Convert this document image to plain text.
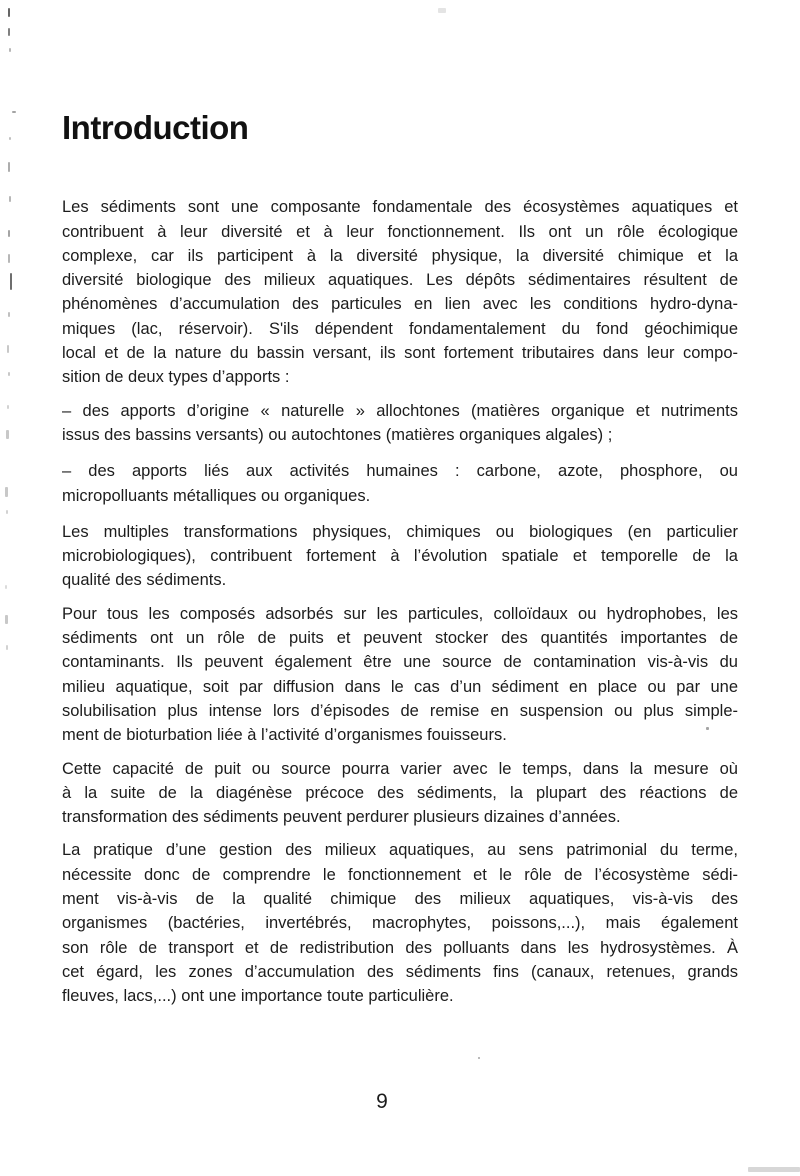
Introduction
Les sédiments sont une composante fondamentale des écosystèmes aquatiques et
contribuent à leur diversité et à leur fonctionnement. Ils ont un rôle écologique
complexe, car ils participent à la diversité physique, la diversité chimique et la
diversité biologique des milieux aquatiques. Les dépôts sédimentaires résultent de
phénomènes d’accumulation des particules en lien avec les conditions hydro-dyna-
miques (lac, réservoir). S'ils dépendent fondamentalement du fond géochimique
local et de la nature du bassin versant, ils sont fortement tributaires dans leur compo-
sition de deux types d’apports :
– des apports d’origine « naturelle » allochtones (matières organique et nutriments
issus des bassins versants) ou autochtones (matières organiques algales) ;
– des apports liés aux activités humaines : carbone, azote, phosphore, ou
micropolluants métalliques ou organiques.
Les multiples transformations physiques, chimiques ou biologiques (en particulier
microbiologiques), contribuent fortement à l’évolution spatiale et temporelle de la
qualité des sédiments.
Pour tous les composés adsorbés sur les particules, colloïdaux ou hydrophobes, les
sédiments ont un rôle de puits et peuvent stocker des quantités importantes de
contaminants. Ils peuvent également être une source de contamination vis-à-vis du
milieu aquatique, soit par diffusion dans le cas d’un sédiment en place ou par une
solubilisation plus intense lors d’épisodes de remise en suspension ou plus simple-
ment de bioturbation liée à l’activité d’organismes fouisseurs.
Cette capacité de puit ou source pourra varier avec le temps, dans la mesure où
à la suite de la diagénèse précoce des sédiments, la plupart des réactions de
transformation des sédiments peuvent perdurer plusieurs dizaines d’années.
La pratique d’une gestion des milieux aquatiques, au sens patrimonial du terme,
nécessite donc de comprendre le fonctionnement et le rôle de l’écosystème sédi-
ment vis-à-vis de la qualité chimique des milieux aquatiques, vis-à-vis des
organismes (bactéries, invertébrés, macrophytes, poissons,...), mais également
son rôle de transport et de redistribution des polluants dans les hydrosystèmes. À
cet égard, les zones d’accumulation des sédiments fins (canaux, retenues, grands
fleuves, lacs,...) ont une importance toute particulière.
9
